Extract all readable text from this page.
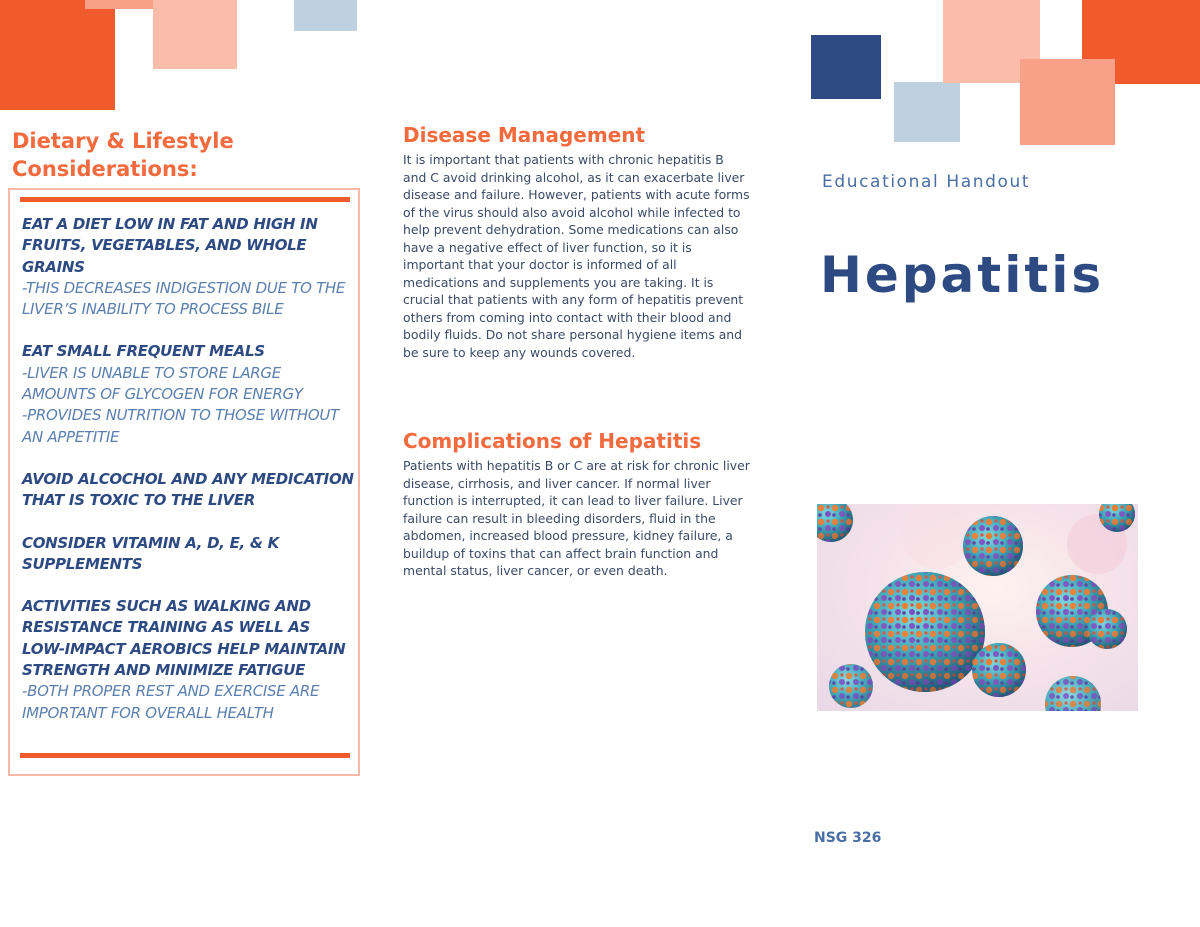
Dietary & Lifestyle Considerations:
EAT A DIET LOW IN FAT AND HIGH IN FRUITS, VEGETABLES, AND WHOLE GRAINS
-THIS DECREASES INDIGESTION DUE TO THE LIVER’S INABILITY TO PROCESS BILE
EAT SMALL FREQUENT MEALS
-LIVER IS UNABLE TO STORE LARGE AMOUNTS OF GLYCOGEN FOR ENERGY
-PROVIDES NUTRITION TO THOSE WITHOUT AN APPETITIE
AVOID ALCOCHOL AND ANY MEDICATION THAT IS TOXIC TO THE LIVER
CONSIDER VITAMIN A, D, E, & K SUPPLEMENTS
ACTIVITIES SUCH AS WALKING AND RESISTANCE TRAINING AS WELL AS LOW-IMPACT AEROBICS HELP MAINTAIN STRENGTH AND MINIMIZE FATIGUE
-BOTH PROPER REST AND EXERCISE ARE IMPORTANT FOR OVERALL HEALTH
Disease Management

It is important that patients with chronic hepatitis B and C avoid drinking alcohol, as it can exacerbate liver disease and failure. However, patients with acute forms of the virus should also avoid alcohol while infected to help prevent dehydration. Some medications can also have a negative effect of liver function, so it is important that your doctor is informed of all medications and supplements you are taking. It is crucial that patients with any form of hepatitis prevent others from coming into contact with their blood and bodily fluids. Do not share personal hygiene items and be sure to keep any wounds covered.

Complications of Hepatitis

Patients with hepatitis B or C are at risk for chronic liver disease, cirrhosis, and liver cancer. If normal liver function is interrupted, it can lead to liver failure. Liver failure can result in bleeding disorders, fluid in the abdomen, increased blood pressure, kidney failure, a buildup of toxins that can affect brain function and mental status, liver cancer, or even death.

Educational Handout

Hepatitis

NSG 326
